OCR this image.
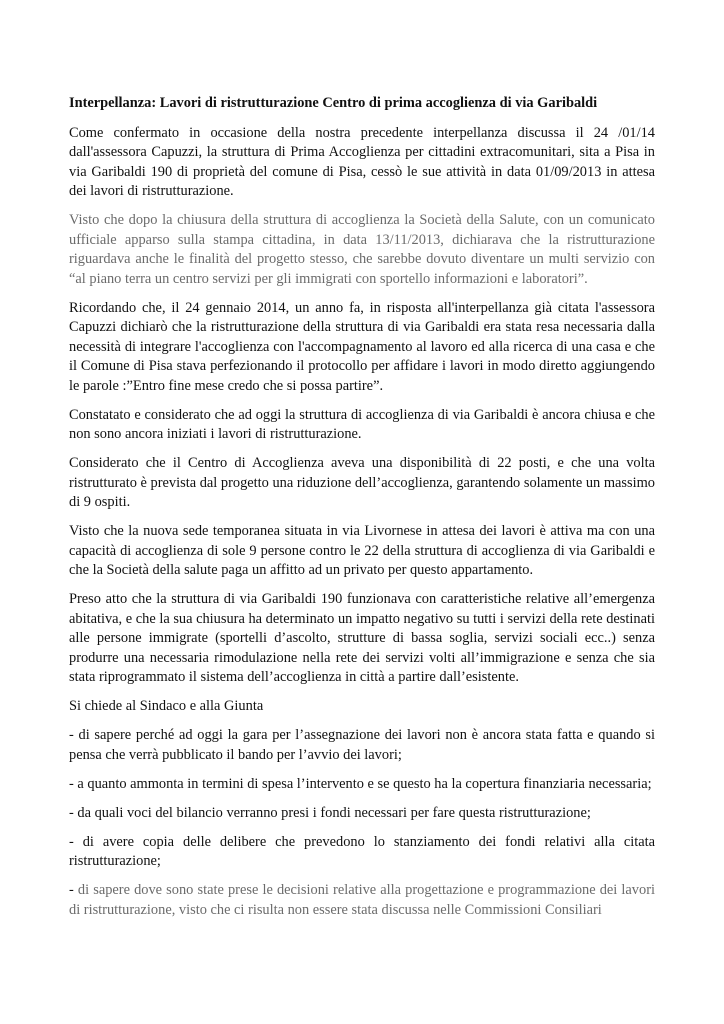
Interpellanza: Lavori di ristrutturazione Centro di prima accoglienza di via Garibaldi

Come confermato in occasione della nostra precedente interpellanza discussa il 24 /01/14 dall'assessora Capuzzi, la struttura di Prima Accoglienza per cittadini extracomunitari, sita a Pisa in via Garibaldi 190 di proprietà del comune di Pisa, cessò le sue attività in data 01/09/2013 in attesa dei lavori di ristrutturazione.

Visto che dopo la chiusura della struttura di accoglienza la Società della Salute, con un comunicato ufficiale apparso sulla stampa cittadina, in data 13/11/2013, dichiarava che la ristrutturazione riguardava anche le finalità del progetto stesso, che sarebbe dovuto diventare un multi servizio con “al piano terra un centro servizi per gli immigrati con sportello informazioni e laboratori”.

Ricordando che, il 24 gennaio 2014, un anno fa, in risposta all'interpellanza già citata l'assessora Capuzzi dichiarò che la ristrutturazione della struttura di via Garibaldi era stata resa necessaria dalla necessità di integrare l'accoglienza con l'accompagnamento al lavoro ed alla ricerca di una casa e che il Comune di Pisa stava perfezionando il protocollo per affidare i lavori in modo diretto aggiungendo le parole :”Entro fine mese credo che si possa partire”.

Constatato e considerato che ad oggi la struttura di accoglienza di via Garibaldi è ancora chiusa e che non sono ancora iniziati i lavori di ristrutturazione.

Considerato che il Centro di Accoglienza aveva una disponibilità di 22 posti, e che una volta ristrutturato è prevista dal progetto una riduzione dell’accoglienza, garantendo solamente un massimo di 9 ospiti.

Visto che la nuova sede temporanea situata in via Livornese in attesa dei lavori è attiva ma con una capacità di accoglienza di sole 9 persone contro le 22 della struttura di accoglienza di via Garibaldi e che la Società della salute paga un affitto ad un privato per questo appartamento.

Preso atto che la struttura di via Garibaldi 190 funzionava con caratteristiche relative all’emergenza abitativa, e che la sua chiusura ha determinato un impatto negativo su tutti i servizi della rete destinati alle persone immigrate (sportelli d’ascolto, strutture di bassa soglia, servizi sociali ecc..) senza produrre una necessaria rimodulazione nella rete dei servizi volti all’immigrazione e senza che sia stata riprogrammato il sistema dell’accoglienza in città a partire dall’esistente.

Si chiede al Sindaco e alla Giunta

- di sapere perché ad oggi la gara per l’assegnazione dei lavori non è ancora stata fatta e quando si pensa che verrà pubblicato il bando per l’avvio dei lavori;

- a quanto ammonta in termini di spesa l’intervento e se questo ha la copertura finanziaria necessaria;

- da quali voci del bilancio verranno presi i fondi necessari per fare questa ristrutturazione;

- di avere copia delle delibere che prevedono lo stanziamento dei fondi relativi alla citata ristrutturazione;

- di sapere dove sono state prese le decisioni relative alla progettazione e programmazione dei lavori di ristrutturazione, visto che ci risulta non essere stata discussa nelle Commissioni Consiliari
